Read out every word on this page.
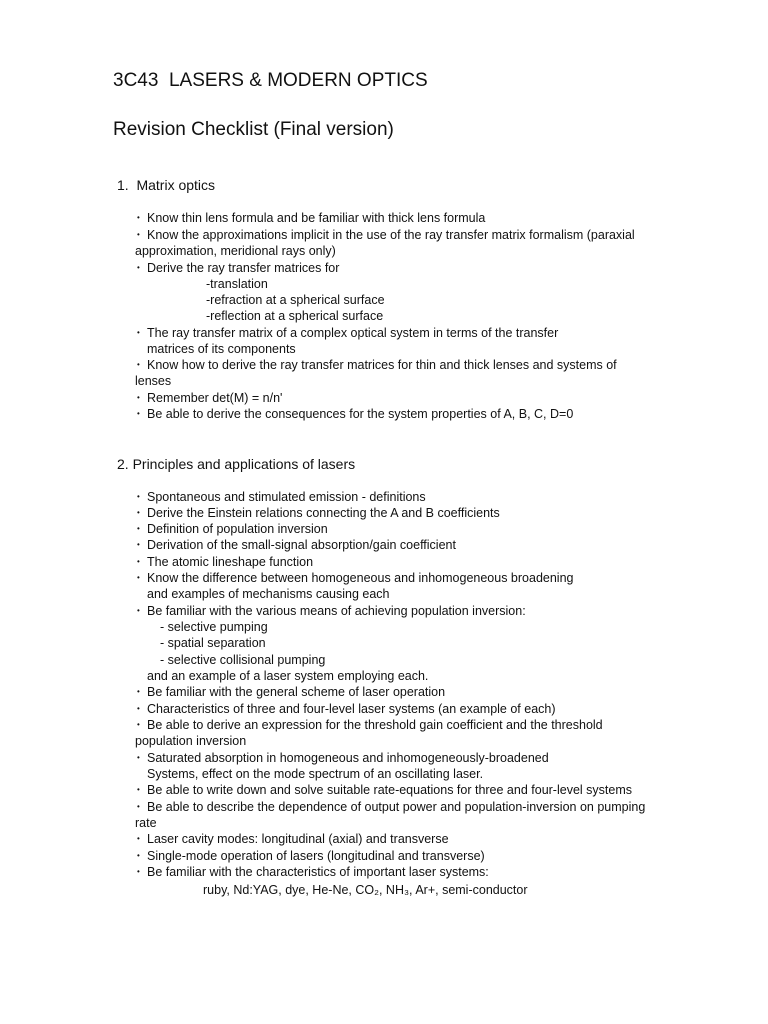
3C43  LASERS & MODERN OPTICS
Revision Checklist (Final version)
1.  Matrix optics
• Know thin lens formula and be familiar with thick lens formula
• Know the approximations implicit in the use of the ray transfer matrix formalism (paraxial
approximation, meridional rays only)
• Derive the ray transfer matrices for
-translation
-refraction at a spherical surface
-reflection at a spherical surface
• The ray transfer matrix of a complex optical system in terms of the transfer
matrices of its components
• Know how to derive the ray transfer matrices for thin and thick lenses and systems of
lenses
• Remember det(M) = n/n'
• Be able to derive the consequences for the system properties of A, B, C, D=0
2. Principles and applications of lasers
• Spontaneous and stimulated emission - definitions
• Derive the Einstein relations connecting the A and B coefficients
• Definition of population inversion
• Derivation of the small-signal absorption/gain coefficient
• The atomic lineshape function
• Know the difference between homogeneous and inhomogeneous broadening
and examples of mechanisms causing each
• Be familiar with the various means of achieving population inversion:
- selective pumping
- spatial separation
- selective collisional pumping
and an example of a laser system employing each.
• Be familiar with the general scheme of laser operation
• Characteristics of three and four-level laser systems (an example of each)
• Be able to derive an expression for the threshold gain coefficient and the threshold
population inversion
• Saturated absorption in homogeneous and inhomogeneously-broadened
Systems, effect on the mode spectrum of an oscillating laser.
• Be able to write down and solve suitable rate-equations for three and four-level systems
• Be able to describe the dependence of output power and population-inversion on pumping
rate
• Laser cavity modes: longitudinal (axial) and transverse
• Single-mode operation of lasers (longitudinal and transverse)
• Be familiar with the characteristics of important laser systems:
ruby, Nd:YAG, dye, He-Ne, CO₂, NH₃, Ar+, semi-conductor
